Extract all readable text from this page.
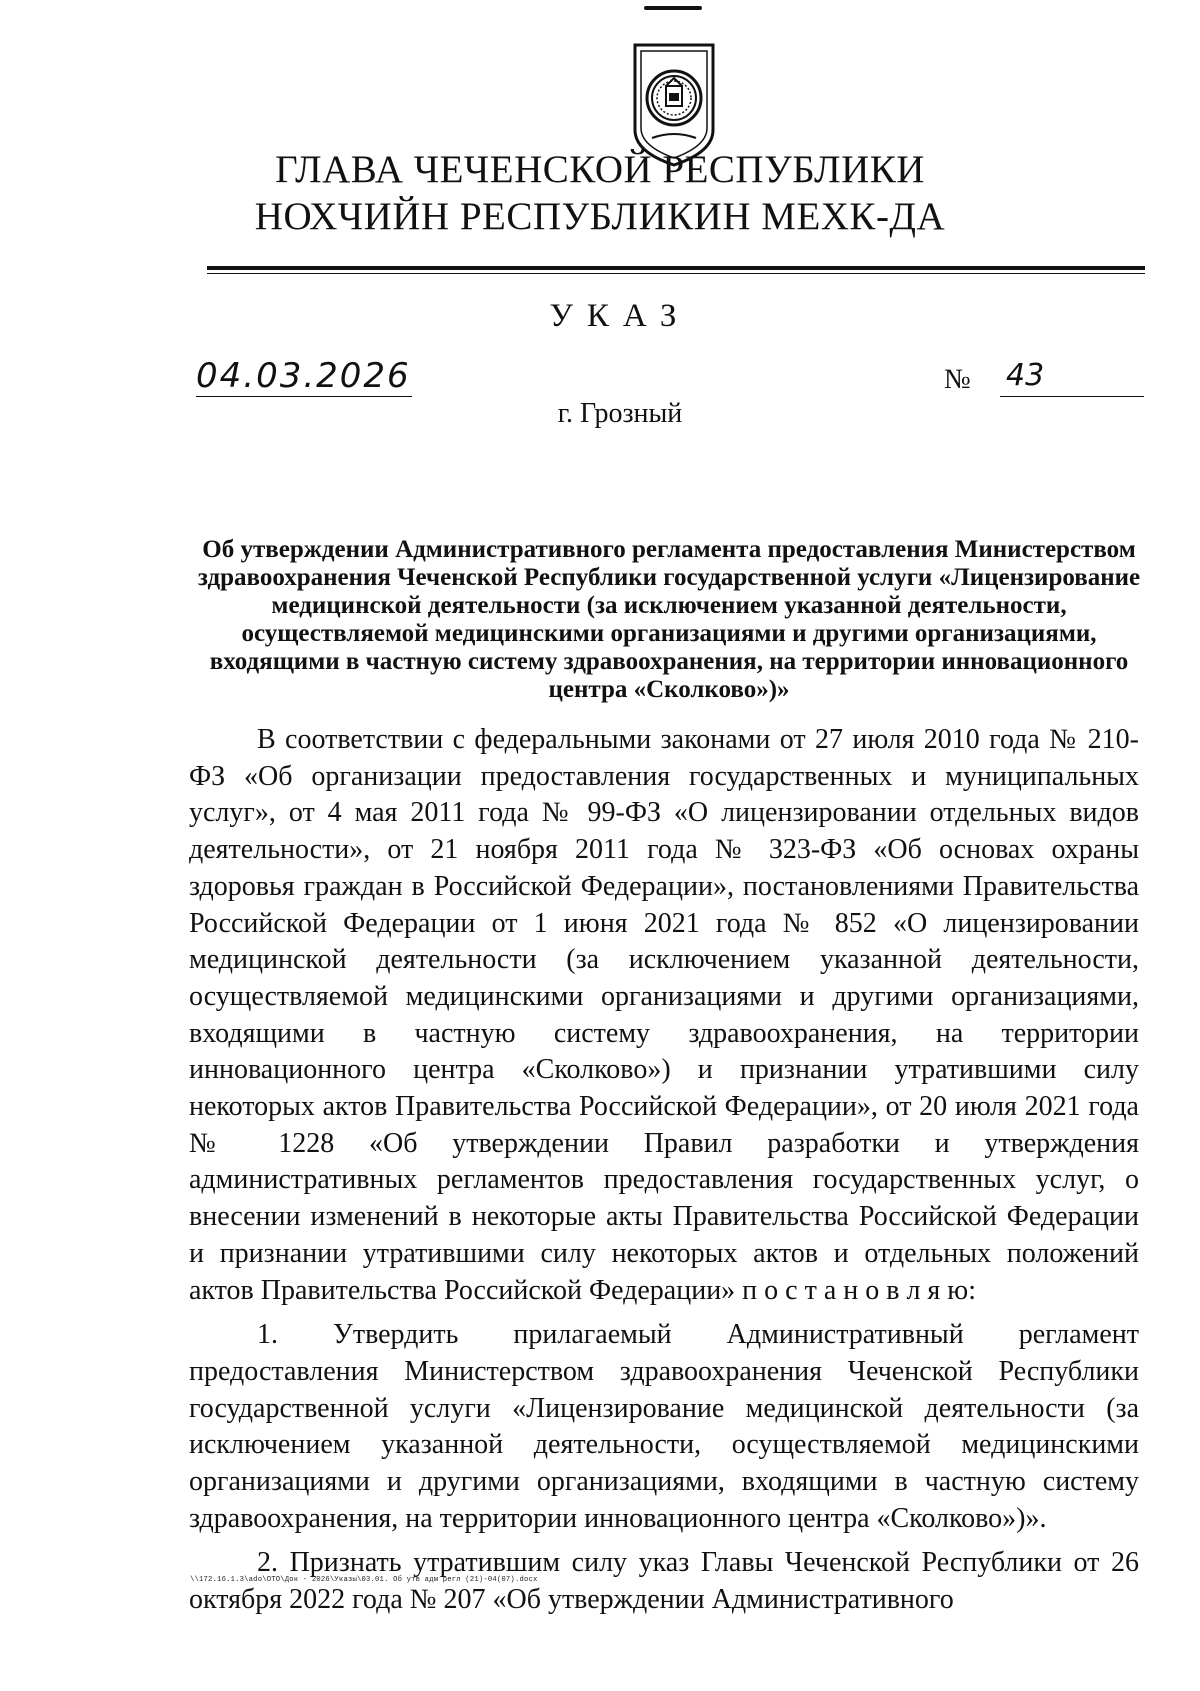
ГЛАВА ЧЕЧЕНСКОЙ РЕСПУБЛИКИ
НОХЧИЙН РЕСПУБЛИКИН МЕХК-ДА
УКАЗ
04.03.2026	№ 43
г. Грозный
Об утверждении Административного регламента предоставления Министерством здравоохранения Чеченской Республики государственной услуги «Лицензирование медицинской деятельности (за исключением указанной деятельности, осуществляемой медицинскими организациями и другими организациями, входящими в частную систему здравоохранения, на территории инновационного центра «Сколково»)»

В соответствии с федеральными законами от 27 июля 2010 года № 210-ФЗ «Об организации предоставления государственных и муниципальных услуг», от 4 мая 2011 года № 99-ФЗ «О лицензировании отдельных видов деятельности», от 21 ноября 2011 года № 323-ФЗ «Об основах охраны здоровья граждан в Российской Федерации», постановлениями Правительства Российской Федерации от 1 июня 2021 года № 852 «О лицензировании медицинской деятельности (за исключением указанной деятельности, осуществляемой медицинскими организациями и другими организациями, входящими в частную систему здравоохранения, на территории инновационного центра «Сколково») и признании утратившими силу некоторых актов Правительства Российской Федерации», от 20 июля 2021 года № 1228 «Об утверждении Правил разработки и утверждения административных регламентов предоставления государственных услуг, о внесении изменений в некоторые акты Правительства Российской Федерации и признании утратившими силу некоторых актов и отдельных положений актов Правительства Российской Федерации» п о с т а н о в л я ю:

1. Утвердить прилагаемый Административный регламент предоставления Министерством здравоохранения Чеченской Республики государственной услуги «Лицензирование медицинской деятельности (за исключением указанной деятельности, осуществляемой медицинскими организациями и другими организациями, входящими в частную систему здравоохранения, на территории инновационного центра «Сколково»)».

2. Признать утратившим силу указ Главы Чеченской Республики от 26 октября 2022 года № 207 «Об утверждении Административного

\\172.16.1.3\ado\ОТО\Док - 2026\Указы\03.01. Об утв адм регл (21)-04(07).docx
